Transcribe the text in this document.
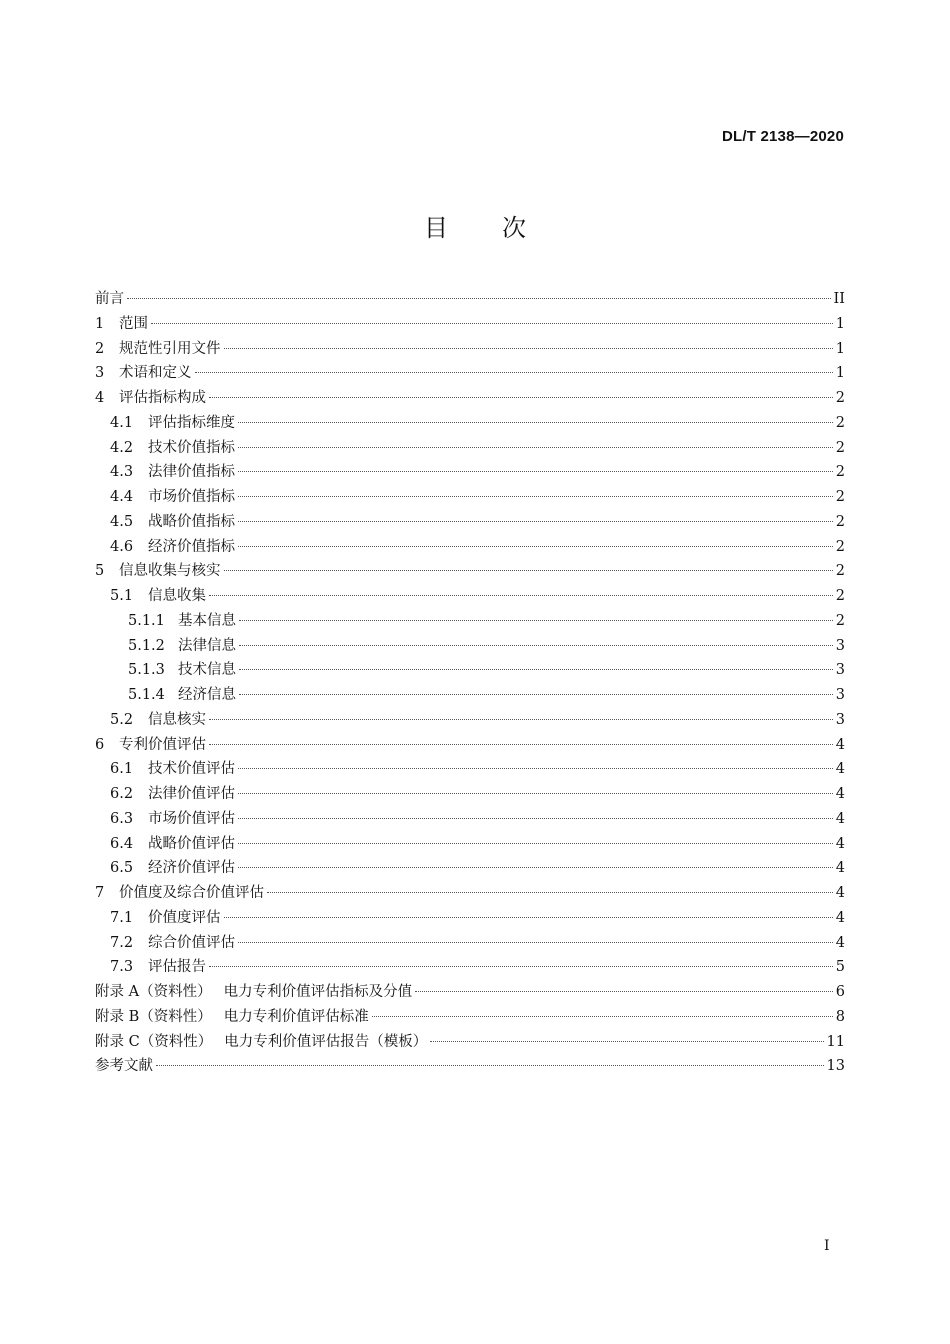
DL/T 2138—2020
目 次
前言	II
1	范围	1
2	规范性引用文件	1
3	术语和定义	1
4	评估指标构成	2
4.1	评估指标维度	2
4.2	技术价值指标	2
4.3	法律价值指标	2
4.4	市场价值指标	2
4.5	战略价值指标	2
4.6	经济价值指标	2
5	信息收集与核实	2
5.1	信息收集	2
5.1.1 基本信息	2
5.1.2 法律信息	3
5.1.3 技术信息	3
5.1.4 经济信息	3
5.2	信息核实	3
6	专利价值评估	4
6.1	技术价值评估	4
6.2	法律价值评估	4
6.3	市场价值评估	4
6.4	战略价值评估	4
6.5	经济价值评估	4
7	价值度及综合价值评估	4
7.1	价值度评估	4
7.2	综合价值评估	4
7.3	评估报告	5
附录 A（资料性） 电力专利价值评估指标及分值	6
附录 B（资料性） 电力专利价值评估标准	8
附录 C（资料性） 电力专利价值评估报告（模板）	11
参考文献	13
I
